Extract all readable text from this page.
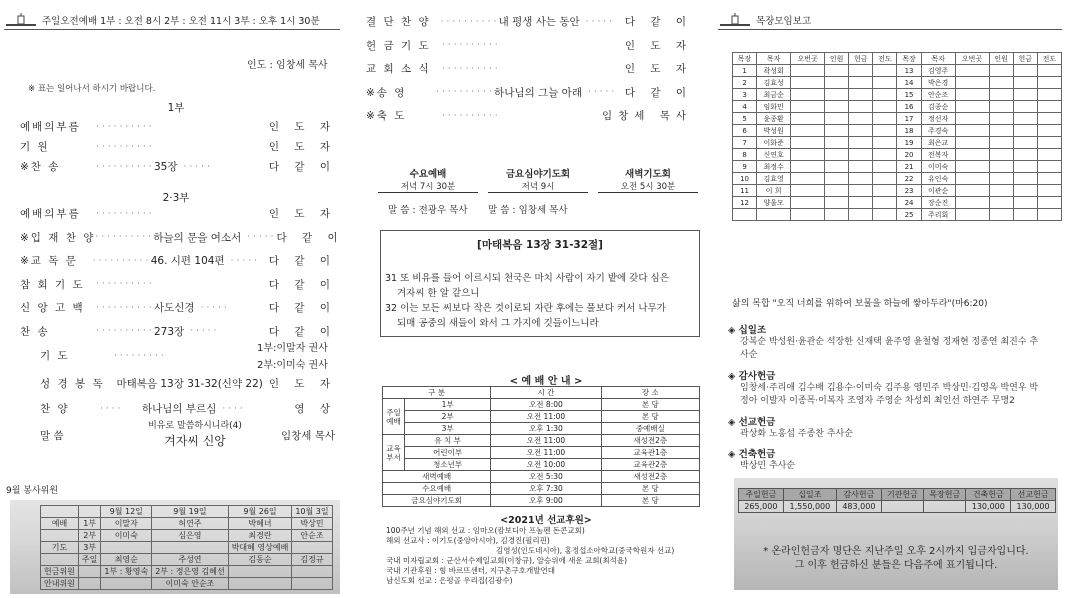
주일오전예배 1부 : 오전 8시 2부 : 오전 11시 3부 : 오후 1시 30분
인도 : 임창세 목사
※ 표는 일어나서 하시기 바랍니다.
1부
예배의부름	··········	인 도 자
기 원	··········	인 도 자
※찬 송	·········· 35장 ·····	다 같 이
2·3부
예배의부름	··········	인 도 자
※입 재 찬 양 ·········· 하늘의 문을 여소서 ····· 다 같 이
※교 독 문	·········· 46. 시편 104편 ····· 다 같 이
참 회 기 도	··········	다 같 이
신 앙 고 백	·········· 사도신경 ·····	다 같 이
찬 송	·········· 273장 ·····	다 같 이
기 도	·········
1부:이말자 권사
2부:이미숙 권사
성 경 봉 독	마태복음 13장 31-32(신약 22) 인 도 자
찬 양	····	하나님의 부르심 ····	영 상
말 씀
비유로 말씀하시니라(4)
겨자씨 신앙	임창세 목사
9월 봉사위원
		9월 12일	9월 19일	9월 26일	10월 3일
예배	1부	이말자	허연주	박혜녀	박상민
	2부	이미숙	심은영	최경란	안순조
기도	3부			박대혜 영상예배	
	주일	최영순	주성연	김동순	김정규
헌금위원		1부 : 황영숙	2부 : 정은영 김혜선		
안내위원			이미숙 안순조		
결 단 찬 양	·········· 내 평생 사는 동안 ····· 다 같 이
헌 금 기 도	··········	인 도 자
교 회 소 식	··········	인 도 자
※송 영	·········· 하나님의 그늘 아래 ····· 다 같 이
※축 도	··········	임창세 목사
수요예배
저녁 7시 30분
금요심야기도회
저녁 9시
새벽기도회
오전 5시 30분
말 씀 : 전광우 목사 말 씀 : 임창세 목사
[마태복음 13장 31-32절]
31 또 비유를 들어 이르시되 천국은 마치 사람이 자기 밭에 갖다 심은
겨자씨 한 알 같으니
32 이는 모든 씨보다 작은 것이로되 자란 후에는 풀보다 커서 나무가
되매 공중의 새들이 와서 그 가지에 깃들이느니라
< 예 배 안 내 >
구 분		시 간	장 소
주일예배	1부	오전 8:00	본 당
	2부	오전 11:00	본 당
	3부	오후 1:30	중예배실
교육부서	유 치 부	오전 11:00	새성전2층
	어린이부	오전 11:00	교육관1층
	청소년부	오전 10:00	교육관2층
새벽예배		오전 5:30	새성전2층
수요예배		오후 7:30	본 당
금요심야기도회		오후 9:00	본 당
<2021년 선교후원>
100주년 기념 해외 선교 : 임마오(캄보디아 프놈펜 돈콘교회)
해외 선교사 : 이기도(중앙아시아), 김경진(필리핀)
김영성(인도네시아), 홍정섭소아학교(중국학원자 선교)
국내 미자립교회 : 군산서수제일교회(이창규), 알승위에 새운 교회(최석윤)
국내 기관후원 : 힘 바르뜨센터, 지구촌구호개발연대
남신도회 선교 : 은평골 우리집(김광수)
목장모임보고
목장	목자	오번곳	인원	헌금	전도	목장	목자	오번곳	인원	헌금	전도
1	곽성회					13	김영주				
2	김효성					14	박은경				
3	최금순					15	안순조				
4	임화민					16	김종순				
5	윤종환					17	정선자				
6	박성원					18	주경숙				
7	이화준					19	최은교				
8	신연호					20	전복자				
9	최정수					21	이미숙				
10	김효영					22	유인숙				
11	이 희					23	이관순				
12	양울모					24	장순진				
						25	주리회				
삶의 목합 "오직 너희를 위하여 보물을 하늘에 쌓아두라"(마6:20)
◈ 십일조
강복순 박성원·윤관순 석장한 신재택 윤주영 윤철형 정재현 정종연 최진수 추사순
◈ 감사헌금
임창세·주리애 김수배 김용수·이미숙 김주용 영민주 박상민·김영옥 박연우 박정아 이발자 이종목·이복자 조영자 주영순 차성희 최인선 하연주 무명2
◈ 선교헌금
곽상화 노흥섭 주종찬 추사순
◈ 건축헌금
박상민 추사순
주일헌금	십일조	감사헌금	기관헌금	목장헌금	건축헌금	선교헌금
265,000	1,550,000	483,000			130,000	130,000
* 온라인헌금자 명단은 지난주일 오후 2시까지 입금자입니다.
그 이후 헌금하신 분들은 다음주에 표기됩니다.
